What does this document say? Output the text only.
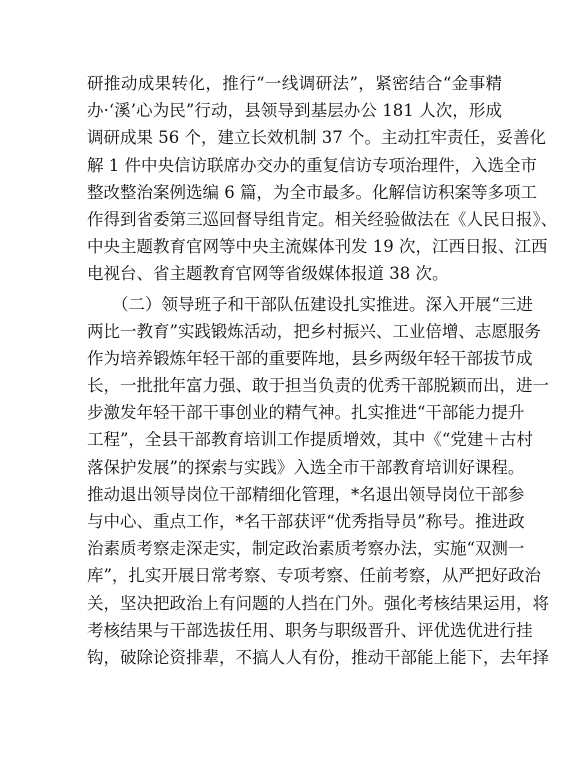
研推动成果转化，推行“一线调研法”，紧密结合“金事精
办·‘溪’心为民”行动，县领导到基层办公 181 人次，形成
调研成果 56 个，建立长效机制 37 个。主动扛牢责任，妥善化
解 1 件中央信访联席办交办的重复信访专项治理件，入选全市
整改整治案例选编 6 篇，为全市最多。化解信访积案等多项工
作得到省委第三巡回督导组肯定。相关经验做法在《人民日报》、
中央主题教育官网等中央主流媒体刊发 19 次，江西日报、江西
电视台、省主题教育官网等省级媒体报道 38 次。
（二）领导班子和干部队伍建设扎实推进。深入开展“三进
两比一教育”实践锻炼活动，把乡村振兴、工业倍增、志愿服务
作为培养锻炼年轻干部的重要阵地，县乡两级年轻干部拔节成
长，一批批年富力强、敢于担当负责的优秀干部脱颖而出，进一
步激发年轻干部干事创业的精气神。扎实推进“干部能力提升
工程”，全县干部教育培训工作提质增效，其中《“党建＋古村
落保护发展”的探索与实践》入选全市干部教育培训好课程。
推动退出领导岗位干部精细化管理，*名退出领导岗位干部参
与中心、重点工作，*名干部获评“优秀指导员”称号。推进政
治素质考察走深走实，制定政治素质考察办法，实施“双测一
库”，扎实开展日常考察、专项考察、任前考察，从严把好政治
关，坚决把政治上有问题的人挡在门外。强化考核结果运用，将
考核结果与干部选拔任用、职务与职级晋升、评优选优进行挂
钩，破除论资排辈，不搞人人有份，推动干部能上能下，去年择
